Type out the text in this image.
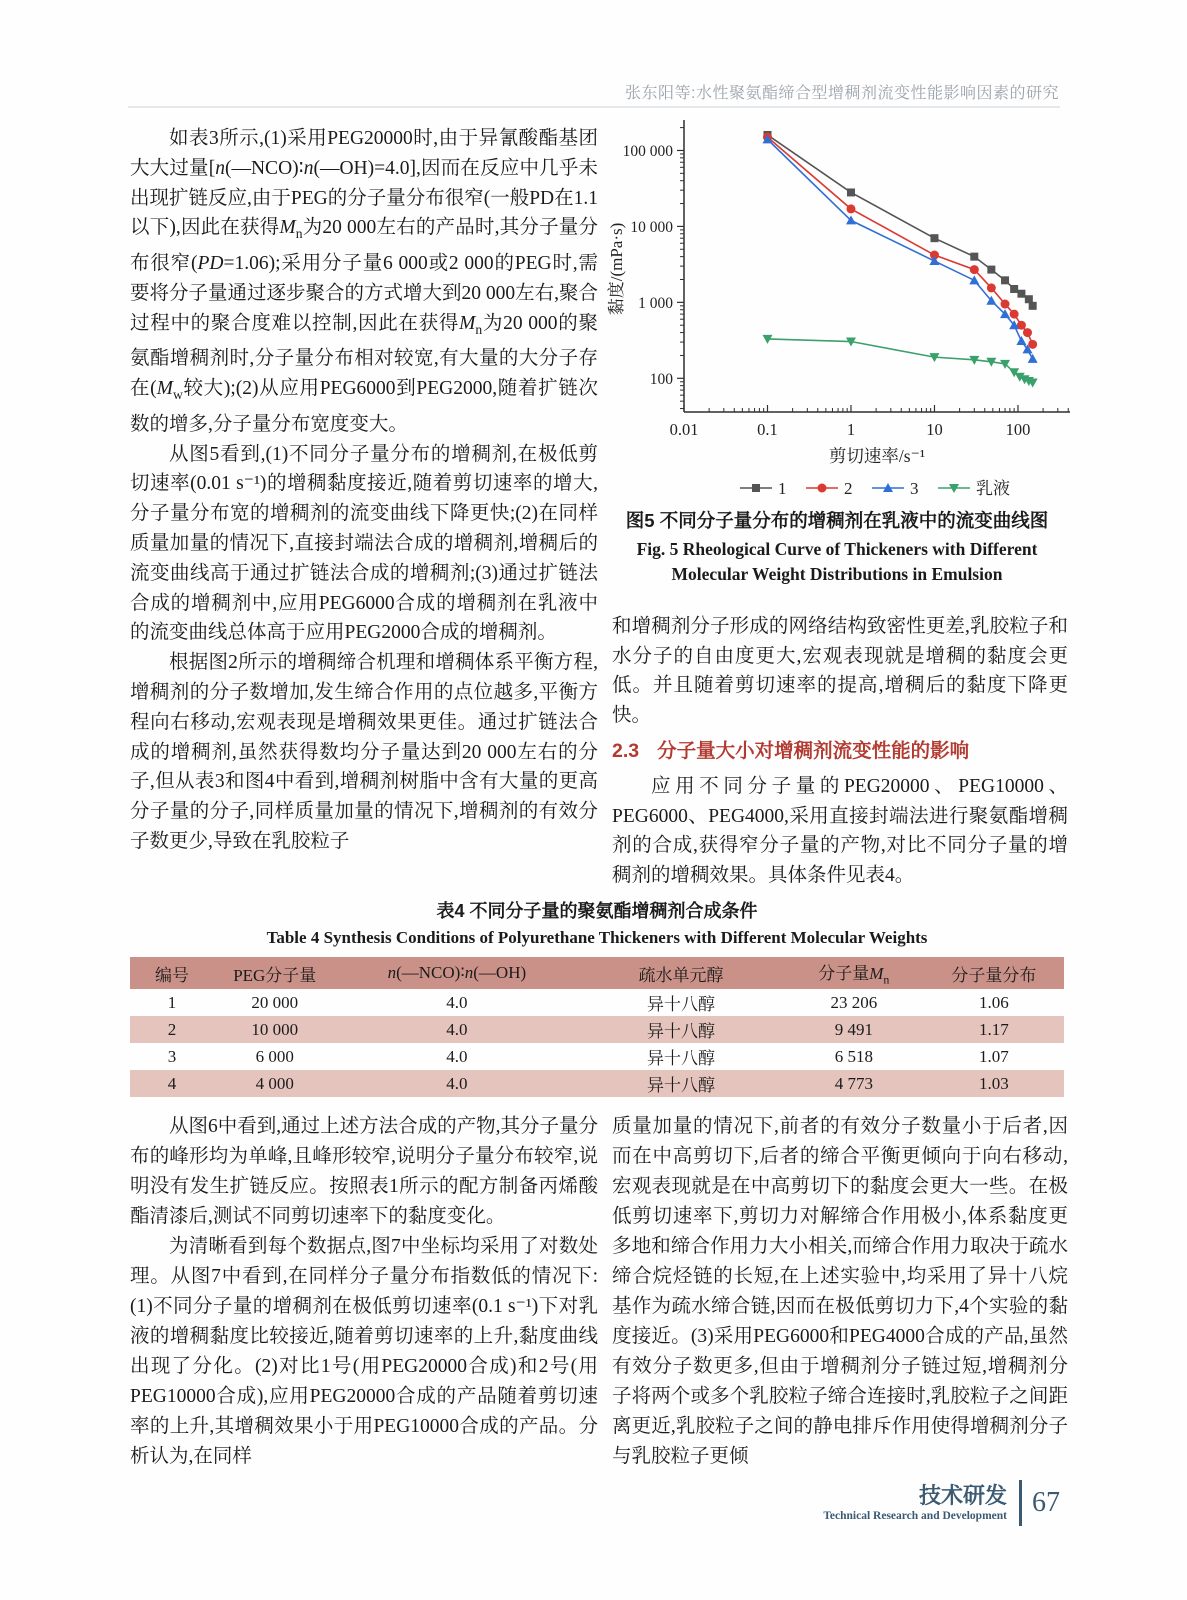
张东阳等:水性聚氨酯缔合型增稠剂流变性能影响因素的研究

如表3所示,(1)采用PEG20000时,由于异氰酸酯基团大大过量[n(—NCO)∶n(—OH)=4.0],因而在反应中几乎未出现扩链反应,由于PEG的分子量分布很窄(一般PD在1.1以下),因此在获得$M_n$为20 000左右的产品时,其分子量分布很窄(PD=1.06);采用分子量6 000或2 000的PEG时,需要将分子量通过逐步聚合的方式增大到20 000左右,聚合过程中的聚合度难以控制,因此在获得$M_n$为20 000的聚氨酯增稠剂时,分子量分布相对较宽,有大量的大分子存在($M_w$较大);(2)从应用PEG6000到PEG2000,随着扩链次数的增多,分子量分布宽度变大。

从图5看到,(1)不同分子量分布的增稠剂,在极低剪切速率(0.01 s⁻¹)的增稠黏度接近,随着剪切速率的增大,分子量分布宽的增稠剂的流变曲线下降更快;(2)在同样质量加量的情况下,直接封端法合成的增稠剂,增稠后的流变曲线高于通过扩链法合成的增稠剂;(3)通过扩链法合成的增稠剂中,应用PEG6000合成的增稠剂在乳液中的流变曲线总体高于应用PEG2000合成的增稠剂。

根据图2所示的增稠缔合机理和增稠体系平衡方程,增稠剂的分子数增加,发生缔合作用的点位越多,平衡方程向右移动,宏观表现是增稠效果更佳。通过扩链法合成的增稠剂,虽然获得数均分子量达到20 000左右的分子,但从表3和图4中看到,增稠剂树脂中含有大量的更高分子量的分子,同样质量加量的情况下,增稠剂的有效分子数更少,导致在乳胶粒子

0.01	0.1	1	10	100
100
1 000
10 000
100 000
黏度/(mPa·s)
剪切速率/s⁻¹
1	2	3	乳液
图5 不同分子量分布的增稠剂在乳液中的流变曲线图
Fig. 5 Rheological Curve of Thickeners with Different Molecular Weight Distributions in Emulsion

和增稠剂分子形成的网络结构致密性更差,乳胶粒子和水分子的自由度更大,宏观表现就是增稠的黏度会更低。并且随着剪切速率的提高,增稠后的黏度下降更快。

2.3 分子量大小对增稠剂流变性能的影响

应用不同分子量的PEG20000、PEG10000、PEG6000、PEG4000,采用直接封端法进行聚氨酯增稠剂的合成,获得窄分子量的产物,对比不同分子量的增稠剂的增稠效果。具体条件见表4。

表4 不同分子量的聚氨酯增稠剂合成条件
Table 4 Synthesis Conditions of Polyurethane Thickeners with Different Molecular Weights
编号	PEG分子量	n(—NCO)∶n(—OH)	疏水单元醇	分子量$M_n$	分子量分布
1	20 000	4.0	异十八醇	23 206	1.06
2	10 000	4.0	异十八醇	9 491	1.17
3	6 000	4.0	异十八醇	6 518	1.07
4	4 000	4.0	异十八醇	4 773	1.03

从图6中看到,通过上述方法合成的产物,其分子量分布的峰形均为单峰,且峰形较窄,说明分子量分布较窄,说明没有发生扩链反应。按照表1所示的配方制备丙烯酸酯清漆后,测试不同剪切速率下的黏度变化。

为清晰看到每个数据点,图7中坐标均采用了对数处理。从图7中看到,在同样分子量分布指数低的情况下:(1)不同分子量的增稠剂在极低剪切速率(0.1 s⁻¹)下对乳液的增稠黏度比较接近,随着剪切速率的上升,黏度曲线出现了分化。(2)对比1号(用PEG20000合成)和2号(用PEG10000合成),应用PEG20000合成的产品随着剪切速率的上升,其增稠效果小于用PEG10000合成的产品。分析认为,在同样

质量加量的情况下,前者的有效分子数量小于后者,因而在中高剪切下,后者的缔合平衡更倾向于向右移动,宏观表现就是在中高剪切下的黏度会更大一些。在极低剪切速率下,剪切力对解缔合作用极小,体系黏度更多地和缔合作用力大小相关,而缔合作用力取决于疏水缔合烷烃链的长短,在上述实验中,均采用了异十八烷基作为疏水缔合链,因而在极低剪切力下,4个实验的黏度接近。(3)采用PEG6000和PEG4000合成的产品,虽然有效分子数更多,但由于增稠剂分子链过短,增稠剂分子将两个或多个乳胶粒子缔合连接时,乳胶粒子之间距离更近,乳胶粒子之间的静电排斥作用使得增稠剂分子与乳胶粒子更倾

技术研发
Technical Research and Development 67
